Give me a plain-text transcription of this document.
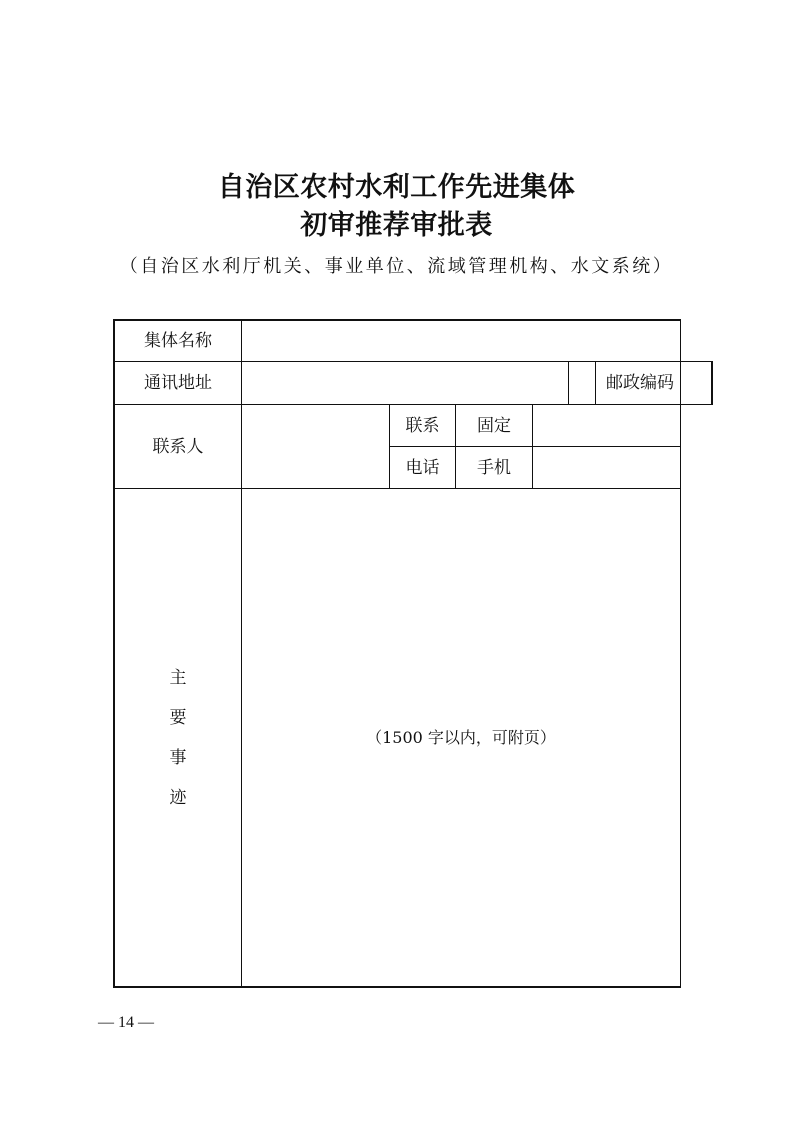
自治区农村水利工作先进集体
初审推荐审批表
（自治区水利厅机关、事业单位、流域管理机构、水文系统）
集体名称
通讯地址	邮政编码
联系人
联系
电话
固定
手机
主
要
事
迹
（1500 字以内，可附页）
— 14 —
